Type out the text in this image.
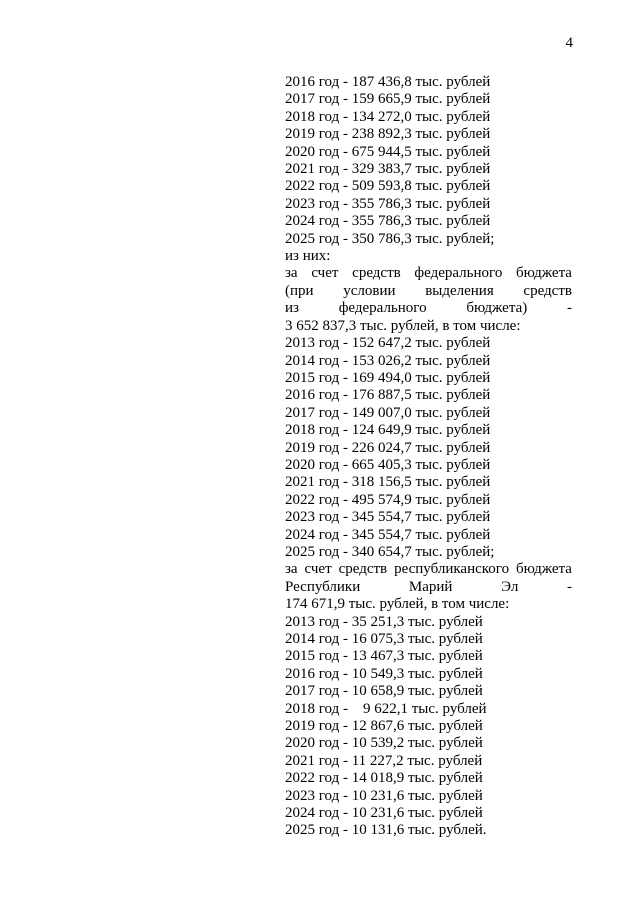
4
2016 год - 187 436,8 тыс. рублей
2017 год - 159 665,9 тыс. рублей
2018 год - 134 272,0 тыс. рублей
2019 год - 238 892,3 тыс. рублей
2020 год - 675 944,5 тыс. рублей
2021 год - 329 383,7 тыс. рублей
2022 год - 509 593,8 тыс. рублей
2023 год - 355 786,3 тыс. рублей
2024 год - 355 786,3 тыс. рублей
2025 год - 350 786,3 тыс. рублей;
из них:
за счет средств федерального бюджета
(при условии выделения средств
из	федерального	бюджета)	-
3 652 837,3 тыс. рублей, в том числе:
2013 год - 152 647,2 тыс. рублей
2014 год - 153 026,2 тыс. рублей
2015 год - 169 494,0 тыс. рублей
2016 год - 176 887,5 тыс. рублей
2017 год - 149 007,0 тыс. рублей
2018 год - 124 649,9 тыс. рублей
2019 год - 226 024,7 тыс. рублей
2020 год - 665 405,3 тыс. рублей
2021 год - 318 156,5 тыс. рублей
2022 год - 495 574,9 тыс. рублей
2023 год - 345 554,7 тыс. рублей
2024 год - 345 554,7 тыс. рублей
2025 год - 340 654,7 тыс. рублей;
за счет средств республиканского бюджета
Республики	Марий	Эл	-
174 671,9 тыс. рублей, в том числе:
2013 год - 35 251,3 тыс. рублей
2014 год - 16 075,3 тыс. рублей
2015 год - 13 467,3 тыс. рублей
2016 год - 10 549,3 тыс. рублей
2017 год - 10 658,9 тыс. рублей
2018 год -    9 622,1 тыс. рублей
2019 год - 12 867,6 тыс. рублей
2020 год - 10 539,2 тыс. рублей
2021 год - 11 227,2 тыс. рублей
2022 год - 14 018,9 тыс. рублей
2023 год - 10 231,6 тыс. рублей
2024 год - 10 231,6 тыс. рублей
2025 год - 10 131,6 тыс. рублей.
